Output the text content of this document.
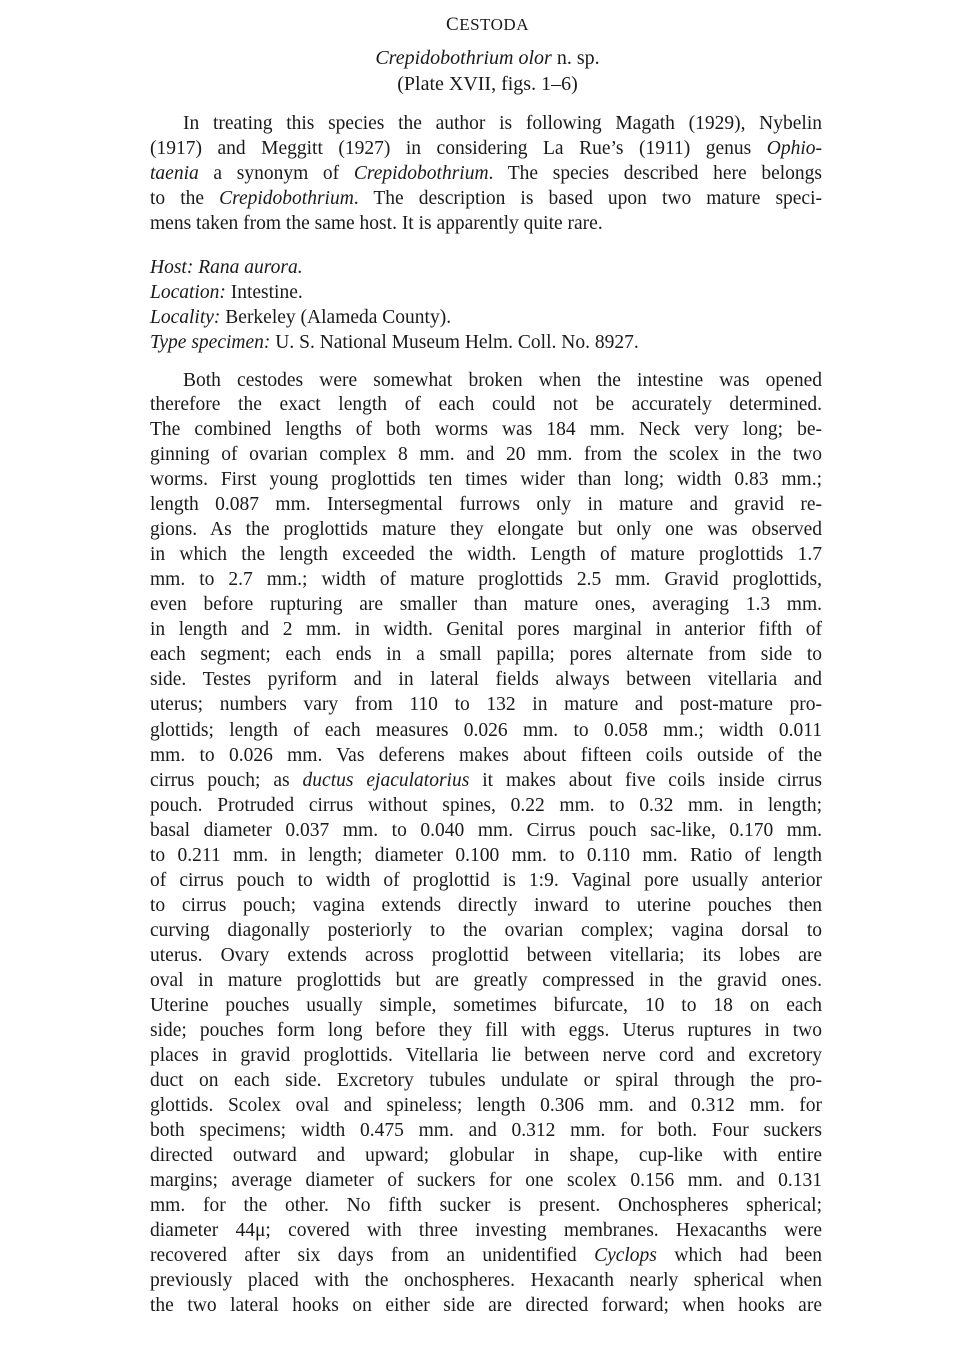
CESTODA
Crepidobothrium olor n. sp.
(Plate XVII, figs. 1–6)
In treating this species the author is following Magath (1929), Nybelin
(1917) and Meggitt (1927) in considering La Rue’s (1911) genus Ophio-
taenia a synonym of Crepidobothrium. The species described here belongs
to the Crepidobothrium. The description is based upon two mature speci-
mens taken from the same host. It is apparently quite rare.
Host: Rana aurora.
Location: Intestine.
Locality: Berkeley (Alameda County).
Type specimen: U. S. National Museum Helm. Coll. No. 8927.
Both cestodes were somewhat broken when the intestine was opened
therefore the exact length of each could not be accurately determined.
The combined lengths of both worms was 184 mm. Neck very long; be-
ginning of ovarian complex 8 mm. and 20 mm. from the scolex in the two
worms. First young proglottids ten times wider than long; width 0.83 mm.;
length 0.087 mm. Intersegmental furrows only in mature and gravid re-
gions. As the proglottids mature they elongate but only one was observed
in which the length exceeded the width. Length of mature proglottids 1.7
mm. to 2.7 mm.; width of mature proglottids 2.5 mm. Gravid proglottids,
even before rupturing are smaller than mature ones, averaging 1.3 mm.
in length and 2 mm. in width. Genital pores marginal in anterior fifth of
each segment; each ends in a small papilla; pores alternate from side to
side. Testes pyriform and in lateral fields always between vitellaria and
uterus; numbers vary from 110 to 132 in mature and post-mature pro-
glottids; length of each measures 0.026 mm. to 0.058 mm.; width 0.011
mm. to 0.026 mm. Vas deferens makes about fifteen coils outside of the
cirrus pouch; as ductus ejaculatorius it makes about five coils inside cirrus
pouch. Protruded cirrus without spines, 0.22 mm. to 0.32 mm. in length;
basal diameter 0.037 mm. to 0.040 mm. Cirrus pouch sac-like, 0.170 mm.
to 0.211 mm. in length; diameter 0.100 mm. to 0.110 mm. Ratio of length
of cirrus pouch to width of proglottid is 1:9. Vaginal pore usually anterior
to cirrus pouch; vagina extends directly inward to uterine pouches then
curving diagonally posteriorly to the ovarian complex; vagina dorsal to
uterus. Ovary extends across proglottid between vitellaria; its lobes are
oval in mature proglottids but are greatly compressed in the gravid ones.
Uterine pouches usually simple, sometimes bifurcate, 10 to 18 on each
side; pouches form long before they fill with eggs. Uterus ruptures in two
places in gravid proglottids. Vitellaria lie between nerve cord and excretory
duct on each side. Excretory tubules undulate or spiral through the pro-
glottids. Scolex oval and spineless; length 0.306 mm. and 0.312 mm. for
both specimens; width 0.475 mm. and 0.312 mm. for both. Four suckers
directed outward and upward; globular in shape, cup-like with entire
margins; average diameter of suckers for one scolex 0.156 mm. and 0.131
mm. for the other. No fifth sucker is present. Onchospheres spherical;
diameter 44μ; covered with three investing membranes. Hexacanths were
recovered after six days from an unidentified Cyclops which had been
previously placed with the onchospheres. Hexacanth nearly spherical when
the two lateral hooks on either side are directed forward; when hooks are
